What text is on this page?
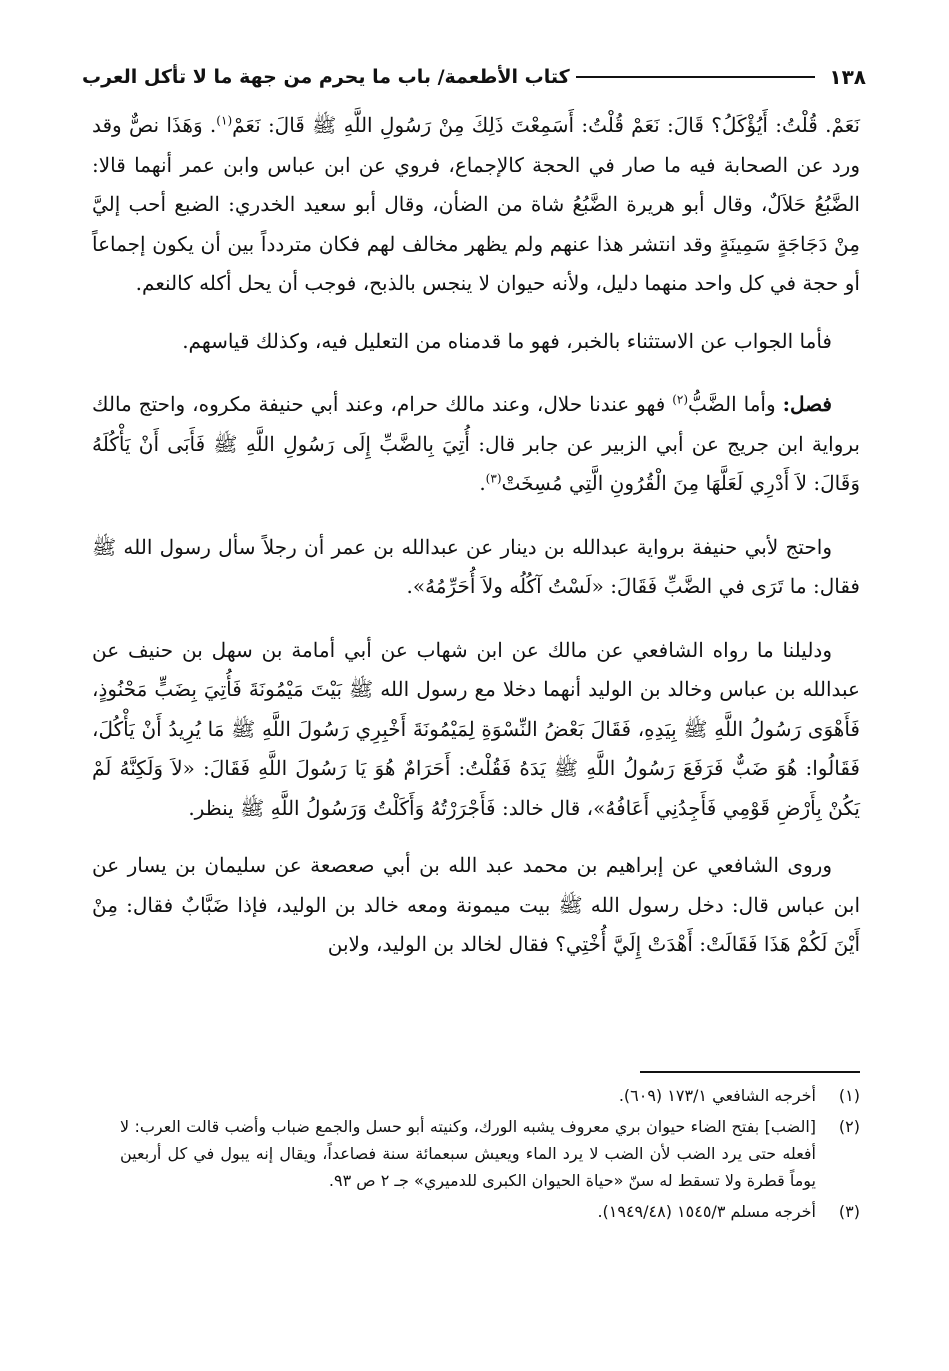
١٣٨
كتاب الأطعمة/ باب ما يحرم من جهة ما لا تأكل العرب

نَعَمْ. قُلْتُ: أَيُؤْكَلُ؟ قَالَ: نَعَمْ قُلْتُ: أَسَمِعْتَ ذَلِكَ مِنْ رَسُولِ اللَّهِ ﷺ قَالَ: نَعَمْ$^{(١)}$. وَهَذَا نصٌّ وقد ورد عن الصحابة فيه ما صار في الحجة كالإجماع، فروي عن ابن عباس وابن عمر أنهما قالا: الضَّبُعُ حَلاَلٌ، وقال أبو هريرة الضَّبُعُ شاة من الضأن، وقال أبو سعيد الخدري: الضبع أحب إليَّ مِنْ دَجَاجَةٍ سَمِينَةٍ وقد انتشر هذا عنهم ولم يظهر مخالف لهم فكان متردداً بين أن يكون إجماعاً أو حجة في كل واحد منهما دليل، ولأنه حيوان لا ينجس بالذبح، فوجب أن يحل أكله كالنعم.

فأما الجواب عن الاستثناء بالخبر، فهو ما قدمناه من التعليل فيه، وكذلك قياسهم.

فصل: وأما الضَّبُّ$^{(٢)}$ فهو عندنا حلال، وعند مالك حرام، وعند أبي حنيفة مكروه، واحتج مالك برواية ابن جريج عن أبي الزبير عن جابر قال: أُتِيَ بِالضَّبِّ إِلَى رَسُولِ اللَّهِ ﷺ فَأَبَى أَنْ يَأْكُلَهُ وَقَالَ: لاَ أَدْرِي لَعَلَّهَا مِنَ الْقُرُونِ الَّتِي مُسِخَتْ$^{(٣)}$.

واحتج لأبي حنيفة برواية عبدالله بن دينار عن عبدالله بن عمر أن رجلاً سأل رسول الله ﷺ فقال: ما تَرَى في الضَّبِّ فَقَالَ: «لَسْتُ آكُلُه ولاَ أُحَرِّمُهُ».

ودليلنا ما رواه الشافعي عن مالك عن ابن شهاب عن أبي أمامة بن سهل بن حنيف عن عبدالله بن عباس وخالد بن الوليد أنهما دخلا مع رسول الله ﷺ بَيْتَ مَيْمُونَةَ فَأُتِيَ بِضَبٍّ مَحْنُوذٍ، فَأَهْوَى رَسُولُ اللَّهِ ﷺ بِيَدِهِ، فَقَالَ بَعْضُ النِّسْوَةِ لِمَيْمُونَةَ أَخْبِرِي رَسُولَ اللَّهِ ﷺ مَا يُرِيدُ أَنْ يَأْكُلَ، فَقَالُوا: هُوَ ضَبٌّ فَرَفَعَ رَسُولُ اللَّهِ ﷺ يَدَهُ فَقُلْتُ: أَحَرَامٌ هُوَ يَا رَسُولَ اللَّهِ فَقَالَ: «لاَ وَلَكِنَّهُ لَمْ يَكُنْ بِأَرْضِ قَوْمِي فَأَجِدُنِي أَعَافُهُ»، قال خالد: فَأَجْرَرْتُهُ وَأَكَلْتُ وَرَسُولُ اللَّهِ ﷺ ينظر.

وروى الشافعي عن إبراهيم بن محمد عبد الله بن أبي صعصعة عن سليمان بن يسار عن ابن عباس قال: دخل رسول الله ﷺ بيت ميمونة ومعه خالد بن الوليد، فإذا ضَبَّابٌ فقال: مِنْ أَيْنَ لَكُمْ هَذَا فَقَالَتْ: أَهْدَتْ إِلَيَّ أُخْتِي؟ فقال لخالد بن الوليد، ولابن

(١)
أخرجه الشافعي ١٧٣/١ (٦٠٩).
(٢)
[الضب] بفتح الضاء حيوان بري معروف يشبه الورك، وكنيته أبو حسل والجمع ضباب وأضب قالت العرب: لا أفعله حتى يرد الضب لأن الضب لا يرد الماء ويعيش سبعمائة سنة فصاعداً، ويقال إنه يبول في كل أربعين يوماً قطرة ولا تسقط له سنّ «حياة الحيوان الكبرى للدميري» جـ ٢ ص ٩٣.
(٣)
أخرجه مسلم ١٥٤٥/٣ (١٩٤٩/٤٨).
